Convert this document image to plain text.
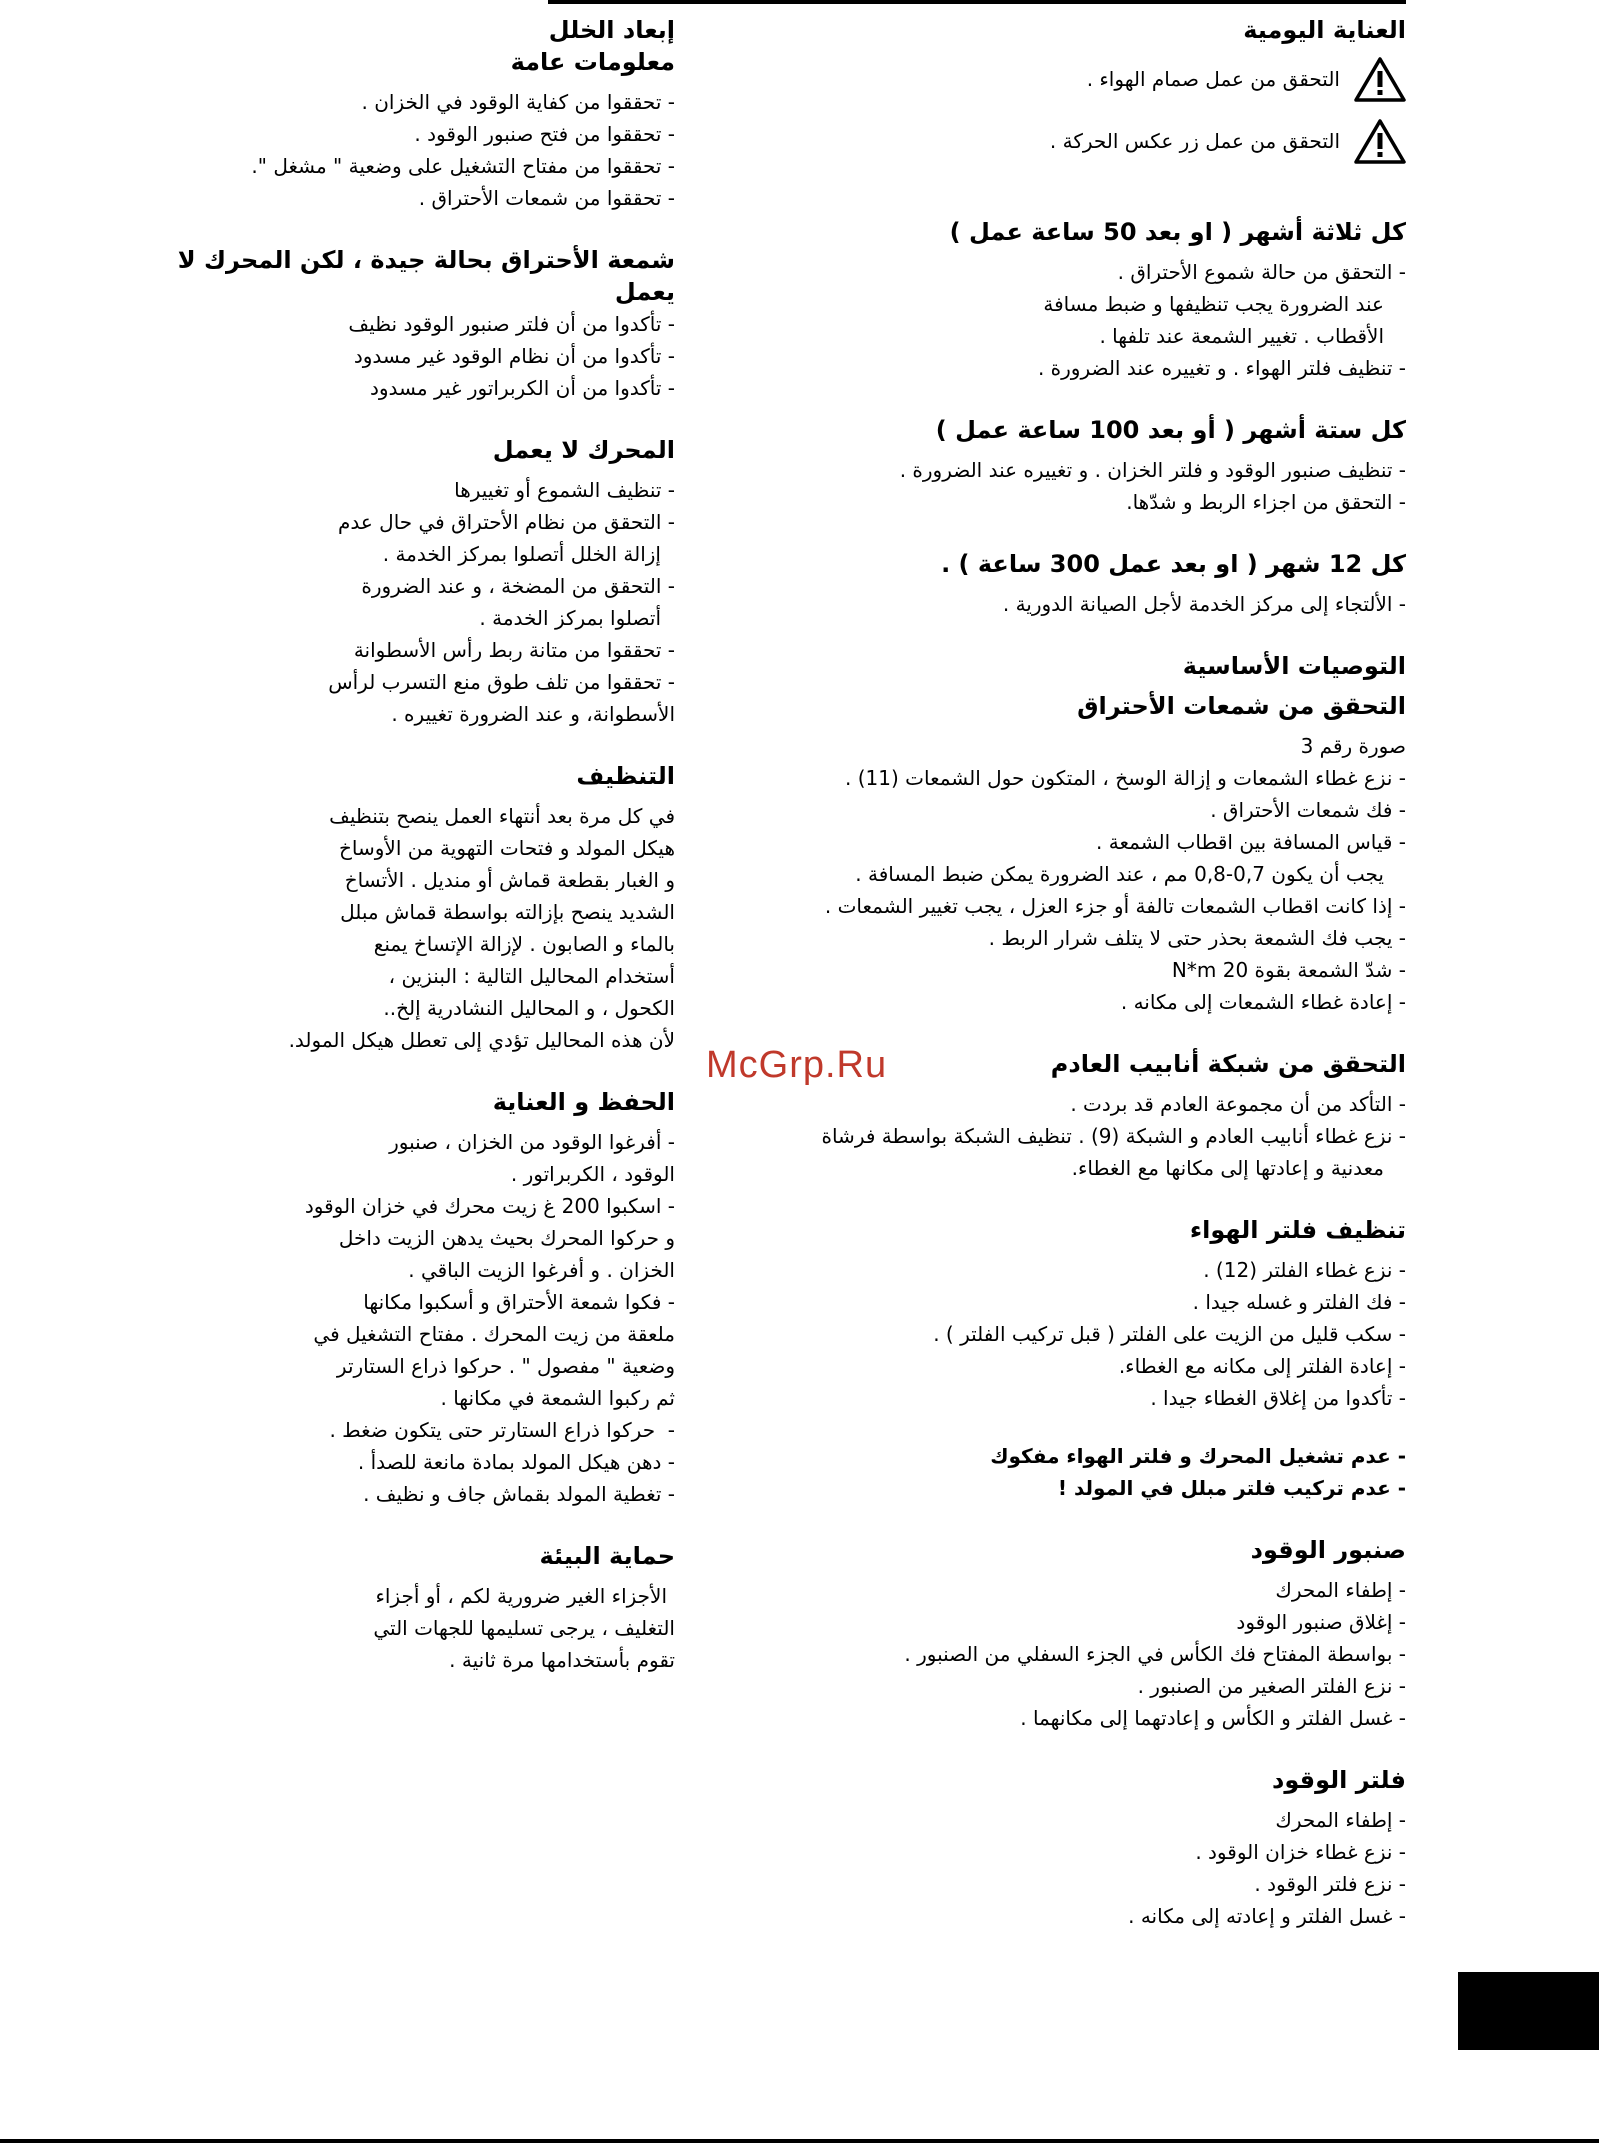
McGrp.Ru
العناية اليومية
التحقق من عمل صمام الهواء .
التحقق من عمل زر عكس الحركة .
كل ثلاثة أشهر ( او بعد 50 ساعة عمل )
- التحقق من حالة شموع الأحتراق .
عند الضرورة يجب تنظيفها و ضبط مسافة
الأقطاب . تغيير الشمعة عند تلفها .
- تنظيف فلتر الهواء . و تغييره عند الضرورة .
كل ستة أشهر ( أو بعد 100 ساعة عمل )
- تنظيف صنبور الوقود و فلتر الخزان . و تغييره عند الضرورة .
- التحقق من اجزاء الربط و شدّها.
كل 12 شهر ( او بعد عمل 300 ساعة ) .
- الألتجاء إلى مركز الخدمة لأجل الصيانة الدورية .
التوصيات الأساسية
التحقق من شمعات الأحتراق
صورة رقم 3
- نزع غطاء الشمعات و إزالة الوسخ ، المتكون حول الشمعات (11) .
- فك شمعات الأحتراق .
- قياس المسافة بين اقطاب الشمعة .
يجب أن يكون 0,7-0,8 مم ، عند الضرورة يمكن ضبط المسافة .
- إذا كانت اقطاب الشمعات تالفة أو جزء العزل ، يجب تغيير الشمعات .
- يجب فك الشمعة بحذر حتى لا يتلف شرار الربط .
- شدّ الشمعة بقوة 20 N*m
- إعادة غطاء الشمعات إلى مكانه .
التحقق من شبكة أنابيب العادم
- التأكد من أن مجموعة العادم قد بردت .
- نزع غطاء أنابيب العادم و الشبكة (9) . تنظيف الشبكة بواسطة فرشاة
معدنية و إعادتها إلى مكانها مع الغطاء.
تنظيف فلتر الهواء
- نزع غطاء الفلتر (12) .
- فك الفلتر و غسله جيدا .
- سكب قليل من الزيت على الفلتر ( قبل تركيب الفلتر ) .
- إعادة الفلتر إلى مكانه مع الغطاء.
- تأكدوا من إغلاق الغطاء جيدا .
- عدم تشغيل المحرك و فلتر الهواء مفكوك
- عدم تركيب فلتر مبلل في المولد !
صنبور الوقود
- إطفاء المحرك
- إغلاق صنبور الوقود
- بواسطة المفتاح فك الكأس في الجزء السفلي من الصنبور .
- نزع الفلتر الصغير من الصنبور .
- غسل الفلتر و الكأس و إعادتهما إلى مكانهما .
فلتر الوقود
- إطفاء المحرك
- نزع غطاء خزان الوقود .
- نزع فلتر الوقود .
- غسل الفلتر و إعادته إلى مكانه .
إبعاد الخلل
معلومات عامة
- تحققوا من كفاية الوقود في الخزان .
- تحققوا من فتح صنبور الوقود .
- تحققوا من مفتاح التشغيل على وضعية " مشغل ".
- تحققوا من شمعات الأحتراق .
شمعة الأحتراق بحالة جيدة ، لكن المحرك لا يعمل
- تأكدوا من أن فلتر صنبور الوقود نظيف
- تأكدوا من أن نظام الوقود غير مسدود
- تأكدوا من أن الكربراتور غير مسدود
المحرك لا يعمل
- تنظيف الشموع أو تغييرها
- التحقق من نظام الأحتراق في حال عدم
إزالة الخلل أتصلوا بمركز الخدمة .
- التحقق من المضخة ، و عند الضرورة
أتصلوا بمركز الخدمة .
- تحققوا من متانة ربط رأس الأسطوانة
- تحققوا من تلف طوق منع التسرب لرأس
الأسطوانة، و عند الضرورة تغييره .
التنظيف
في كل مرة بعد أنتهاء العمل ينصح بتنظيف
هيكل المولد و فتحات التهوية من الأوساخ
و الغبار بقطعة قماش أو منديل . الأتساخ
الشديد ينصح بإزالته بواسطة قماش مبلل
بالماء و الصابون . لإزالة الإتساخ يمنع
أستخدام المحاليل التالية : البنزين ،
الكحول ، و المحاليل النشادرية إلخ..
لأن هذه المحاليل تؤدي إلى تعطل هيكل المولد.
الحفظ و العناية
- أفرغوا الوقود من الخزان ، صنبور
الوقود ، الكربراتور .
- اسكبوا 200 غ زيت محرك في خزان الوقود
و حركوا المحرك بحيث يدهن الزيت داخل
الخزان . و أفرغوا الزيت الباقي .
- فكوا شمعة الأحتراق و أسكبوا مكانها
ملعقة من زيت المحرك . مفتاح التشغيل في
وضعية " مفصول " . حركوا ذراع الستارتر
ثم ركبوا الشمعة في مكانها .
-  حركوا ذراع الستارتر حتى يتكون ضغط .
- دهن هيكل المولد بمادة مانعة للصدأ .
- تغطية المولد بقماش جاف و نظيف .
حماية البيئة
الأجزاء الغير ضرورية لكم ، أو أجزاء
التغليف ، يرجى تسليمها للجهات التي
تقوم بأستخدامها مرة ثانية .
